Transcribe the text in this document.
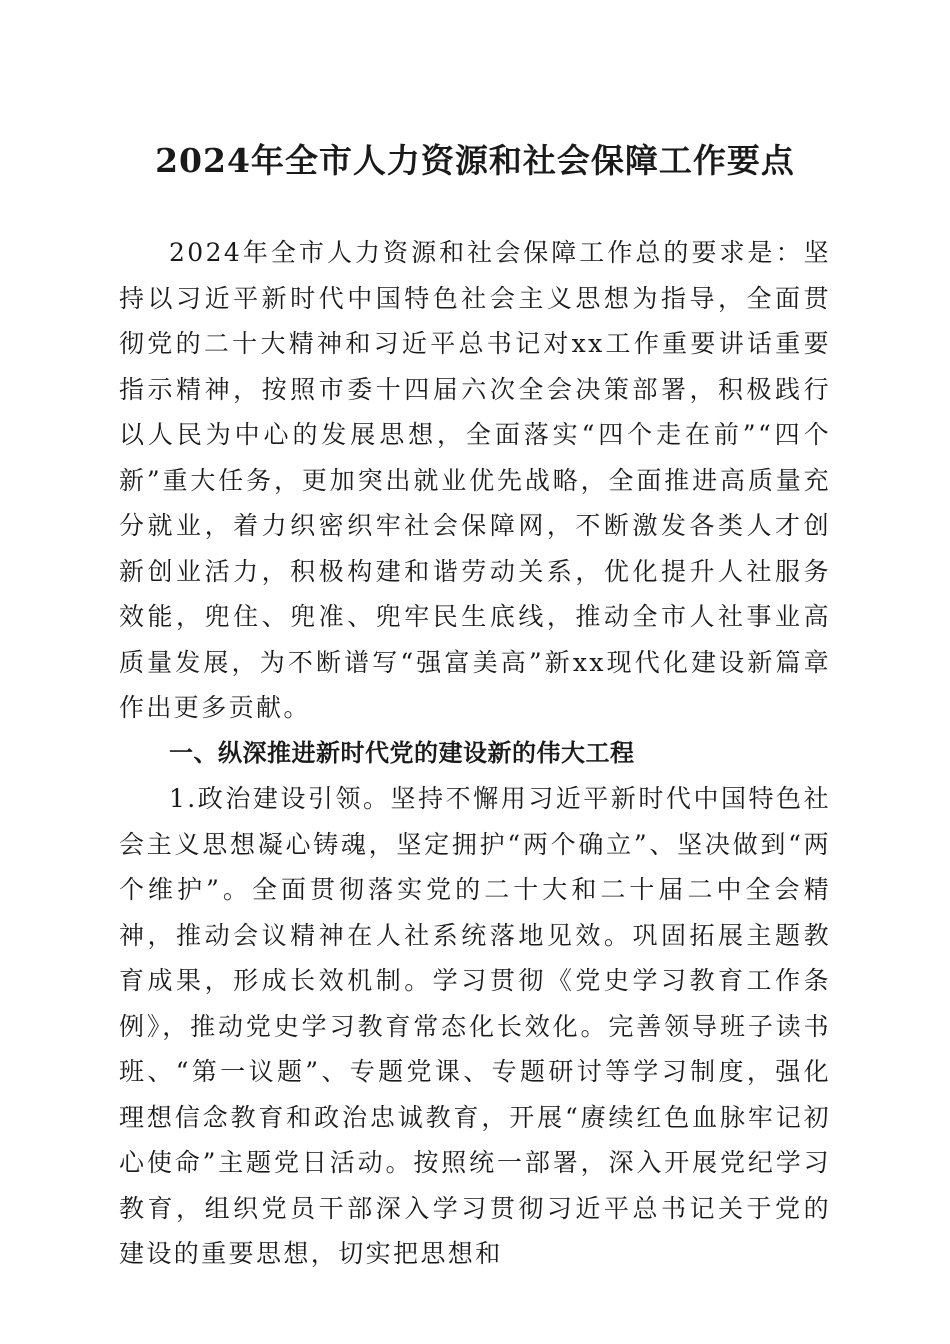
2024年全市人力资源和社会保障工作要点

2024年全市人力资源和社会保障工作总的要求是：坚持以习近平新时代中国特色社会主义思想为指导，全面贯彻党的二十大精神和习近平总书记对xx工作重要讲话重要指示精神，按照市委十四届六次全会决策部署，积极践行以人民为中心的发展思想，全面落实“四个走在前”“四个新”重大任务，更加突出就业优先战略，全面推进高质量充分就业，着力织密织牢社会保障网，不断激发各类人才创新创业活力，积极构建和谐劳动关系，优化提升人社服务效能，兜住、兜准、兜牢民生底线，推动全市人社事业高质量发展，为不断谱写“强富美高”新xx现代化建设新篇章作出更多贡献。

一、纵深推进新时代党的建设新的伟大工程

1.政治建设引领。坚持不懈用习近平新时代中国特色社会主义思想凝心铸魂，坚定拥护“两个确立”、坚决做到“两个维护”。全面贯彻落实党的二十大和二十届二中全会精神，推动会议精神在人社系统落地见效。巩固拓展主题教育成果，形成长效机制。学习贯彻《党史学习教育工作条例》，推动党史学习教育常态化长效化。完善领导班子读书班、“第一议题”、专题党课、专题研讨等学习制度，强化理想信念教育和政治忠诚教育，开展“赓续红色血脉牢记初心使命”主题党日活动。按照统一部署，深入开展党纪学习教育，组织党员干部深入学习贯彻习近平总书记关于党的建设的重要思想，切实把思想和
